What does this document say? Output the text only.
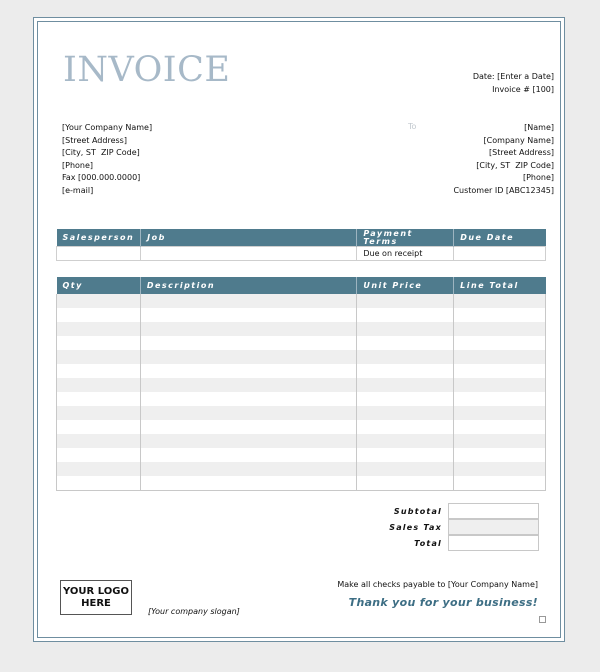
INVOICE	Date: [Enter a Date]
Invoice # [100]
[Your Company Name]
[Street Address]
[City, ST  ZIP Code]
[Phone]
Fax [000.000.0000]
[e-mail]
To	[Name]
[Company Name]
[Street Address]
[City, ST  ZIP Code]
[Phone]
Customer ID [ABC12345]
Salesperson	Job	Payment Terms	Due Date
		Due on receipt	
Qty	Description	Unit Price	Line Total

Subtotal
Sales Tax
Total
YOUR LOGO
HERE
[Your company slogan]
Make all checks payable to [Your Company Name]
Thank you for your business!
